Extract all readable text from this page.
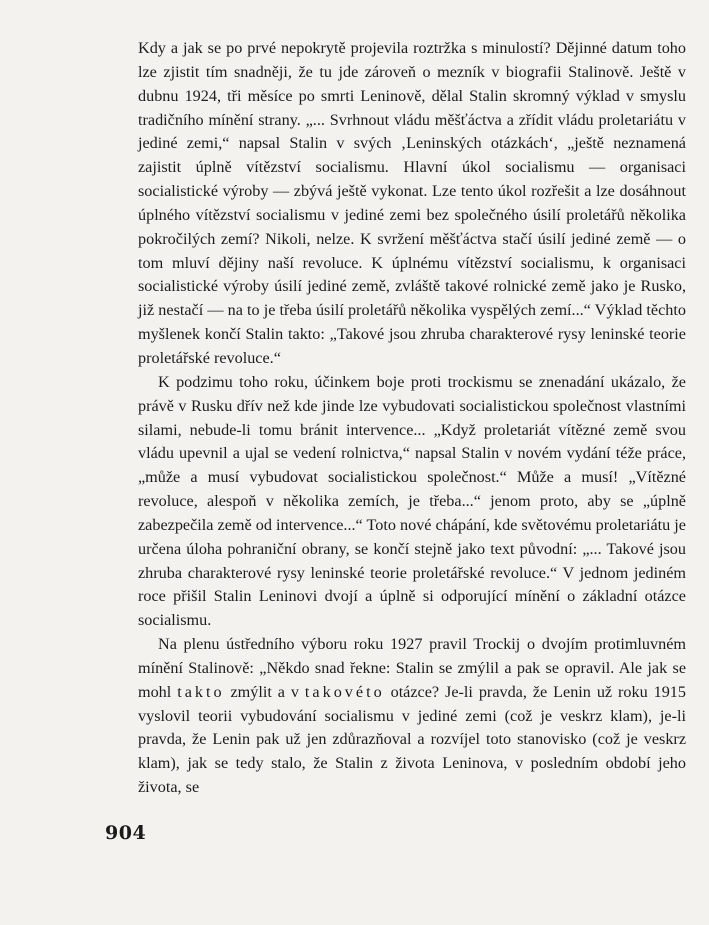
Kdy a jak se po prvé nepokrytě projevila roztržka s minulostí? Dějinné datum toho lze zjistit tím snadněji, že tu jde zároveň o mezník v biografii Stalinově. Ještě v dubnu 1924, tři měsíce po smrti Leninově, dělal Stalin skromný výklad v smyslu tradičního mínění strany. „... Svrhnout vládu měšťáctva a zřídit vládu proletariátu v jediné zemi,“ napsal Stalin v svých ‚Leninských otázkách‘, „ještě neznamená zajistit úplně vítězství socialismu. Hlavní úkol socialismu — organisaci socialistické výroby — zbývá ještě vykonat. Lze tento úkol rozřešit a lze dosáhnout úplného vítězství socialismu v jediné zemi bez společného úsilí proletářů několika pokročilých zemí? Nikoli, nelze. K svržení měšťáctva stačí úsilí jediné země — o tom mluví dějiny naší revoluce. K úplnému vítězství socialismu, k organisaci socialistické výroby úsilí jediné země, zvláště takové rolnické země jako je Rusko, již nestačí — na to je třeba úsilí proletářů několika vyspělých zemí...“ Výklad těchto myšlenek končí Stalin takto: „Takové jsou zhruba charakterové rysy leninské teorie proletářské revoluce.“

K podzimu toho roku, účinkem boje proti trockismu se znenadání ukázalo, že právě v Rusku dřív než kde jinde lze vybudovati socialistickou společnost vlastními silami, nebude-li tomu bránit intervence... „Když proletariát vítězné země svou vládu upevnil a ujal se vedení rolnictva,“ napsal Stalin v novém vydání téže práce, „může a musí vybudovat socialistickou společnost.“ Může a musí! „Vítězné revoluce, alespoň v několika zemích, je třeba...“ jenom proto, aby se „úplně zabezpečila země od intervence...“ Toto nové chápání, kde světovému proletariátu je určena úloha pohraniční obrany, se končí stejně jako text původní: „... Takové jsou zhruba charakterové rysy leninské teorie proletářské revoluce.“ V jednom jediném roce přišil Stalin Leninovi dvojí a úplně si odporující mínění o základní otázce socialismu.

Na plenu ústředního výboru roku 1927 pravil Trockij o dvojím protimluvném mínění Stalinově: „Někdo snad řekne: Stalin se zmýlil a pak se opravil. Ale jak se mohl takto zmýlit a v takovéto otázce? Je-li pravda, že Lenin už roku 1915 vyslovil teorii vybudování socialismu v jediné zemi (což je veskrz klam), je-li pravda, že Lenin pak už jen zdůrazňoval a rozvíjel toto stanovisko (což je veskrz klam), jak se tedy stalo, že Stalin z života Leninova, v posledním období jeho života, se

904
